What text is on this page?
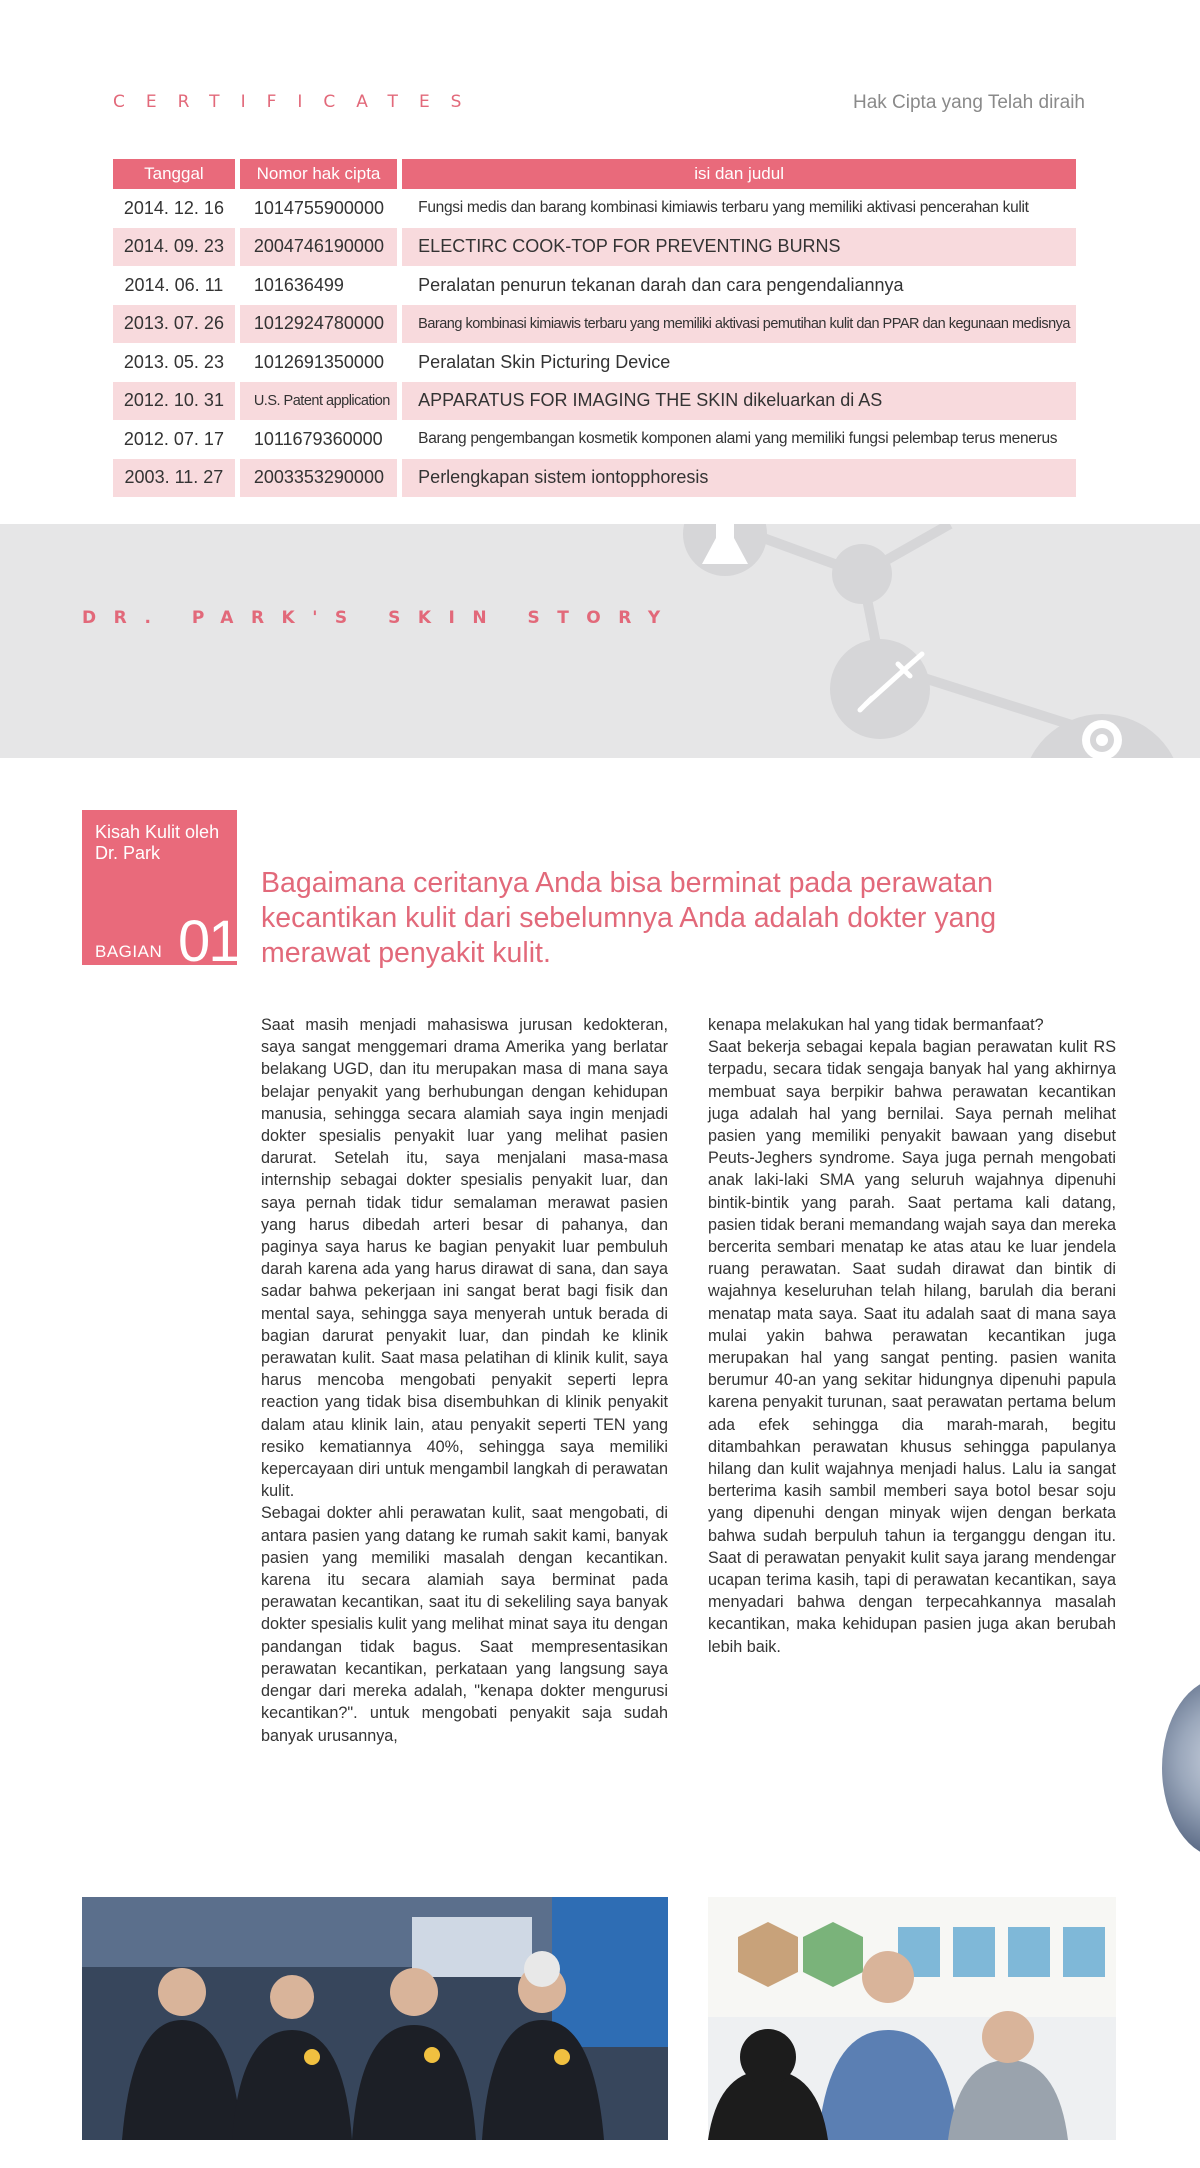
CERTIFICATES	Hak Cipta yang Telah diraih
Tanggal	Nomor hak cipta	isi dan judul
2014. 12. 16	1014755900000	Fungsi medis dan barang kombinasi kimiawis terbaru yang memiliki aktivasi pencerahan kulit
2014. 09. 23	2004746190000	ELECTIRC COOK-TOP FOR PREVENTING BURNS
2014. 06. 11	101636499	Peralatan penurun tekanan darah dan cara pengendaliannya
2013. 07. 26	1012924780000	Barang kombinasi kimiawis terbaru yang memiliki aktivasi pemutihan kulit dan PPAR dan kegunaan medisnya
2013. 05. 23	1012691350000	Peralatan Skin Picturing Device
2012. 10. 31	U.S. Patent application	APPARATUS FOR IMAGING THE SKIN dikeluarkan di AS
2012. 07. 17	1011679360000	Barang pengembangan kosmetik komponen alami yang memiliki fungsi pelembap terus menerus
2003. 11. 27	2003353290000	Perlengkapan sistem iontopphoresis
DR. PARK'S SKIN STORY
Kisah Kulit oleh Dr. Park
BAGIAN 01
Bagaimana ceritanya Anda bisa berminat pada perawatan kecantikan kulit dari sebelumnya Anda adalah dokter yang merawat penyakit kulit.

Saat masih menjadi mahasiswa jurusan kedokteran, saya sangat menggemari drama Amerika yang berlatar belakang UGD, dan itu merupakan masa di mana saya belajar penyakit yang berhubungan dengan kehidupan manusia, sehingga secara alamiah saya ingin menjadi dokter spesialis penyakit luar yang melihat pasien darurat. Setelah itu, saya menjalani masa-masa internship sebagai dokter spesialis penyakit luar, dan saya pernah tidak tidur semalaman merawat pasien yang harus dibedah arteri besar di pahanya, dan paginya saya harus ke bagian penyakit luar pembuluh darah karena ada yang harus dirawat di sana, dan saya sadar bahwa pekerjaan ini sangat berat bagi fisik dan mental saya, sehingga saya menyerah untuk berada di bagian darurat penyakit luar, dan pindah ke klinik perawatan kulit. Saat masa pelatihan di klinik kulit, saya harus mencoba mengobati penyakit seperti lepra reaction yang tidak bisa disembuhkan di klinik penyakit dalam atau klinik lain, atau penyakit seperti TEN yang resiko kematiannya 40%, sehingga saya memiliki kepercayaan diri untuk mengambil langkah di perawatan kulit.

Sebagai dokter ahli perawatan kulit, saat mengobati, di antara pasien yang datang ke rumah sakit kami, banyak pasien yang memiliki masalah dengan kecantikan. karena itu secara alamiah saya berminat pada perawatan kecantikan, saat itu di sekeliling saya banyak dokter spesialis kulit yang melihat minat saya itu dengan pandangan tidak bagus. Saat mempresentasikan perawatan kecantikan, perkataan yang langsung saya dengar dari mereka adalah, "kenapa dokter mengurusi kecantikan?". untuk mengobati penyakit saja sudah banyak urusannya,

kenapa melakukan hal yang tidak bermanfaat?

Saat bekerja sebagai kepala bagian perawatan kulit RS terpadu, secara tidak sengaja banyak hal yang akhirnya membuat saya berpikir bahwa perawatan kecantikan juga adalah hal yang bernilai. Saya pernah melihat pasien yang memiliki penyakit bawaan yang disebut Peuts-Jeghers syndrome. Saya juga pernah mengobati anak laki-laki SMA yang seluruh wajahnya dipenuhi bintik-bintik yang parah. Saat pertama kali datang, pasien tidak berani memandang wajah saya dan mereka bercerita sembari menatap ke atas atau ke luar jendela ruang perawatan. Saat sudah dirawat dan bintik di wajahnya keseluruhan telah hilang, barulah dia berani menatap mata saya. Saat itu adalah saat di mana saya mulai yakin bahwa perawatan kecantikan juga merupakan hal yang sangat penting. pasien wanita berumur 40-an yang sekitar hidungnya dipenuhi papula karena penyakit turunan, saat perawatan pertama belum ada efek sehingga dia marah-marah, begitu ditambahkan perawatan khusus sehingga papulanya hilang dan kulit wajahnya menjadi halus. Lalu ia sangat berterima kasih sambil memberi saya botol besar soju yang dipenuhi dengan minyak wijen dengan berkata bahwa sudah berpuluh tahun ia terganggu dengan itu. Saat di perawatan penyakit kulit saya jarang mendengar ucapan terima kasih, tapi di perawatan kecantikan, saya menyadari bahwa dengan terpecahkannya masalah kecantikan, maka kehidupan pasien juga akan berubah lebih baik.
